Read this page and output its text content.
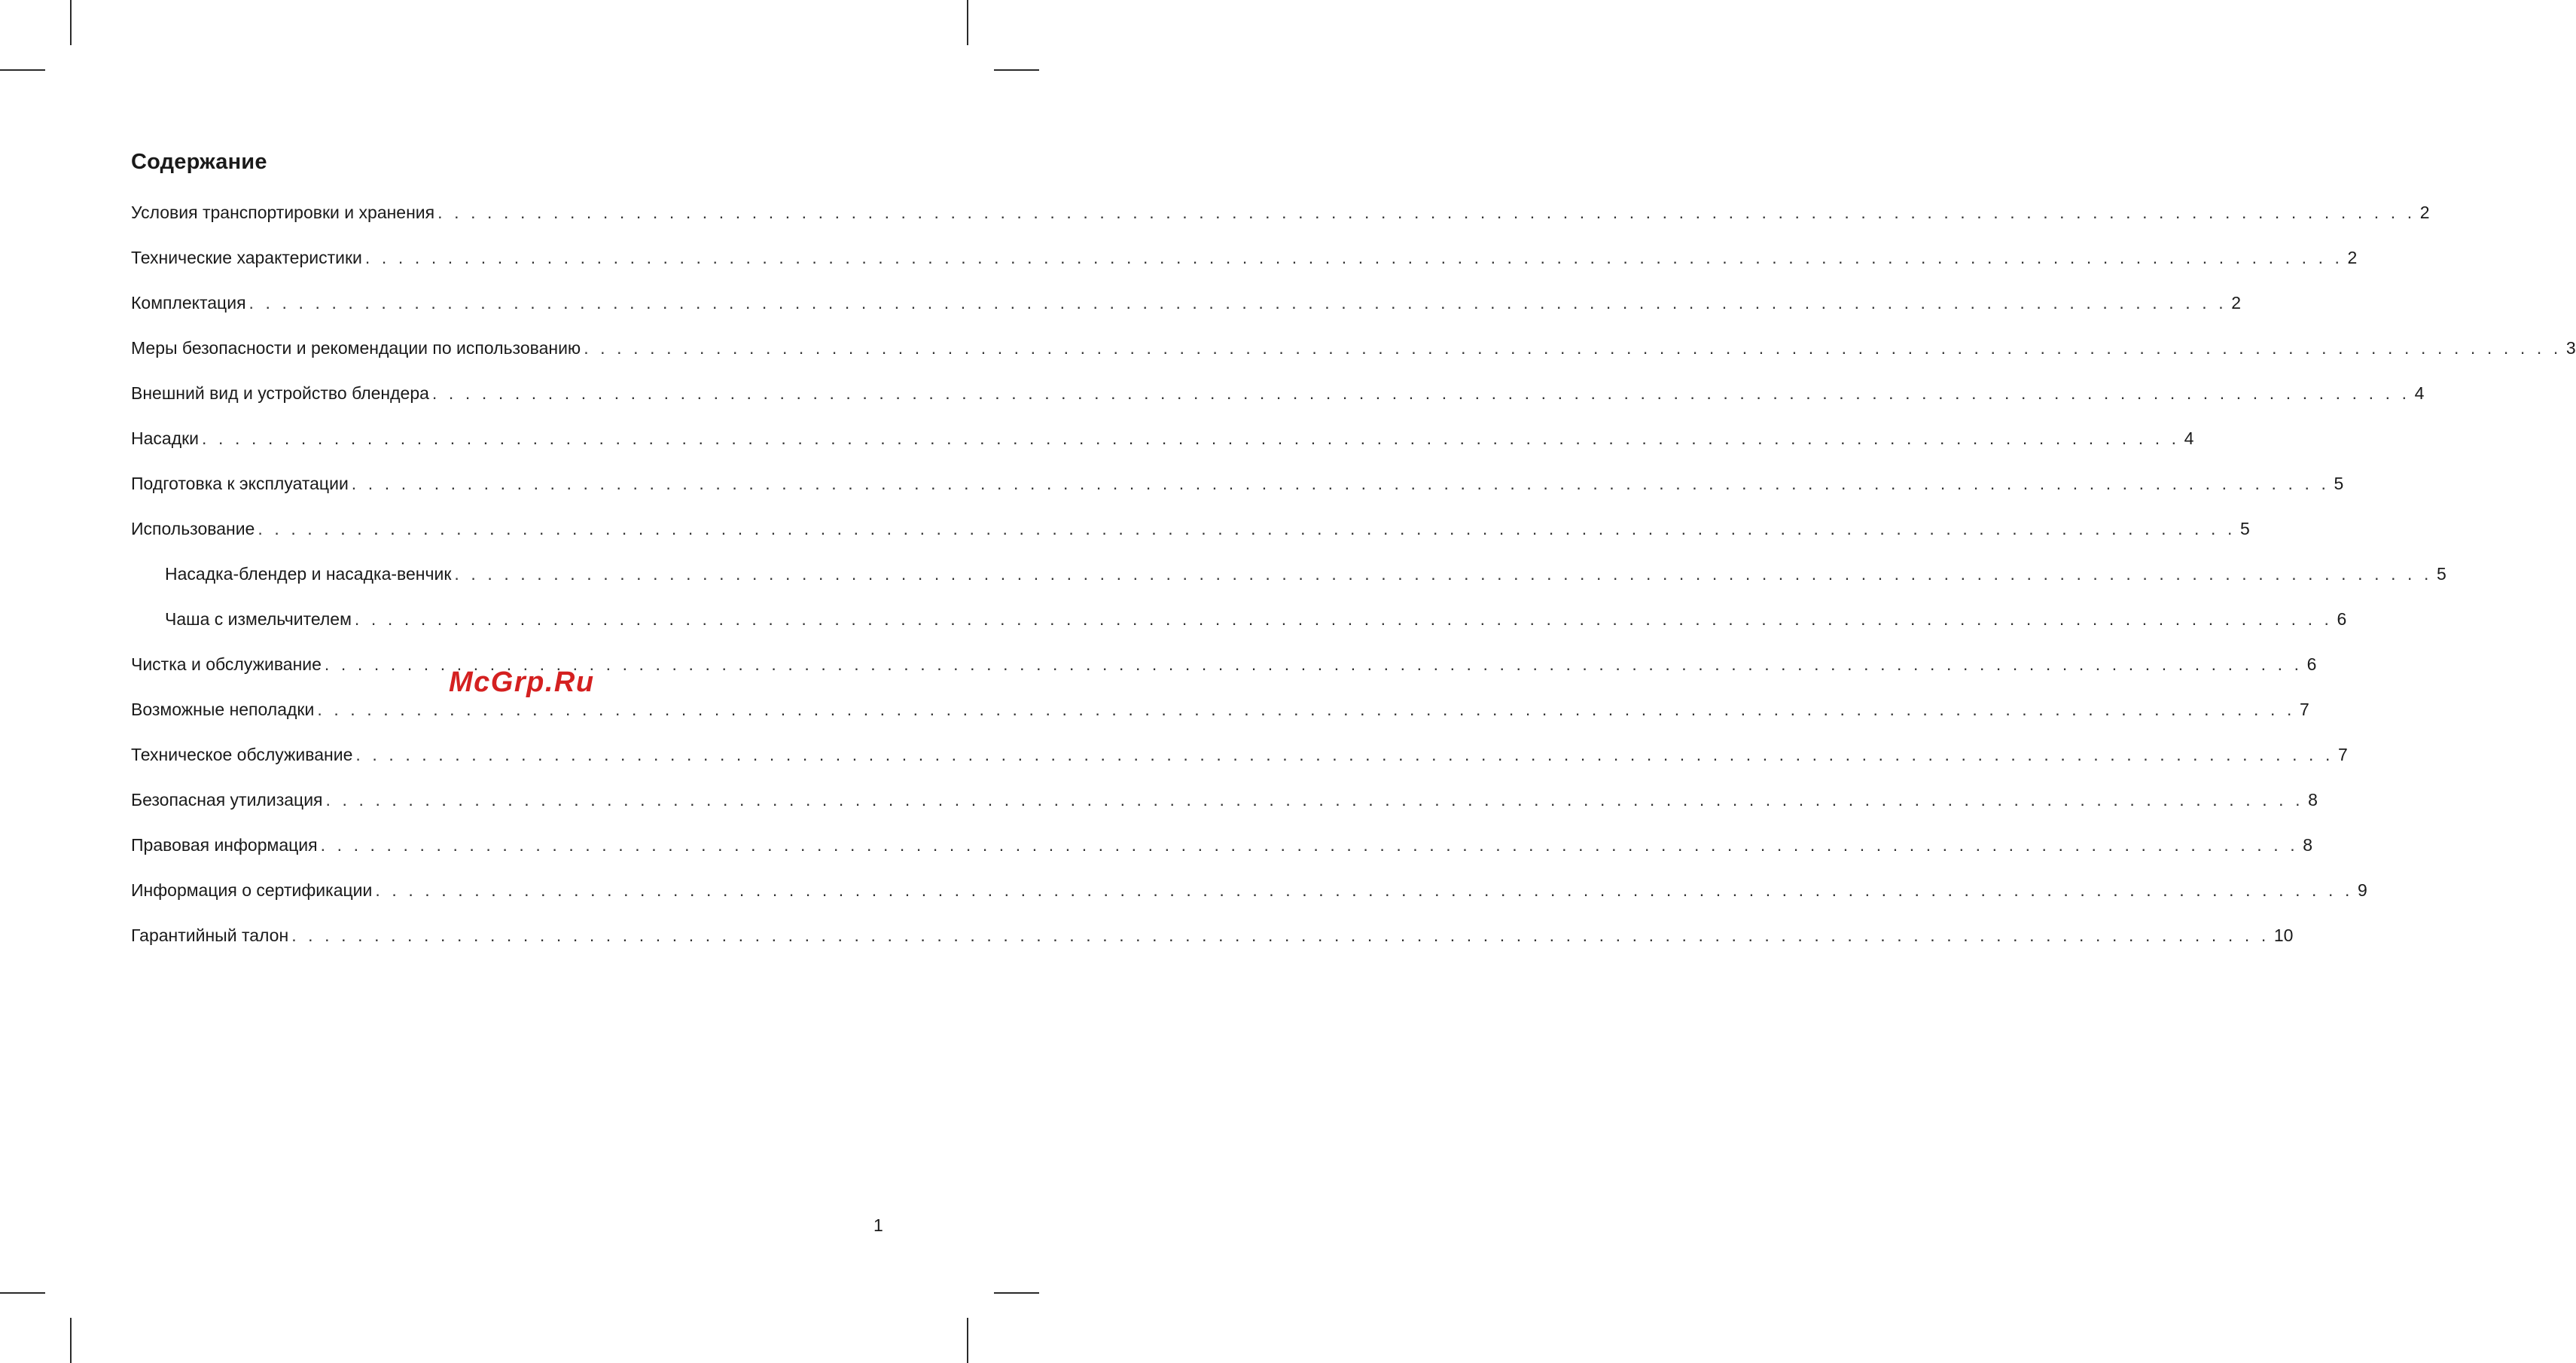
Содержание
Условия транспортировки и хранения . . . . . . . . . . . . . . . . . . . . . . . . . . . . . . . . . . . . . . . . . . . . . . . . . . . . . . . . . . . . . . . . . . . . . . . . . . . . . . . . . . . . . . . . . . . . . . . . . . . . . . . . . . . . . . . . . . . . . . . . 2
Технические характеристики . . . . . . . . . . . . . . . . . . . . . . . . . . . . . . . . . . . . . . . . . . . . . . . . . . . . . . . . . . . . . . . . . . . . . . . . . . . . . . . . . . . . . . . . . . . . . . . . . . . . . . . . . . . . . . . . . . . . . . . . 2
Комплектация . . . . . . . . . . . . . . . . . . . . . . . . . . . . . . . . . . . . . . . . . . . . . . . . . . . . . . . . . . . . . . . . . . . . . . . . . . . . . . . . . . . . . . . . . . . . . . . . . . . . . . . . . . . . . . . . . . . . . . . . 2
Меры безопасности и рекомендации по использованию . . . . . . . . . . . . . . . . . . . . . . . . . . . . . . . . . . . . . . . . . . . . . . . . . . . . . . . . . . . . . . . . . . . . . . . . . . . . . . . . . . . . . . . . . . . . . . . . . . . . . . . . . . . . . . . . . . . . . . . . 3
Внешний вид и устройство блендера . . . . . . . . . . . . . . . . . . . . . . . . . . . . . . . . . . . . . . . . . . . . . . . . . . . . . . . . . . . . . . . . . . . . . . . . . . . . . . . . . . . . . . . . . . . . . . . . . . . . . . . . . . . . . . . . . . . . . . . . 4
Насадки . . . . . . . . . . . . . . . . . . . . . . . . . . . . . . . . . . . . . . . . . . . . . . . . . . . . . . . . . . . . . . . . . . . . . . . . . . . . . . . . . . . . . . . . . . . . . . . . . . . . . . . . . . . . . . . . . . . . . . . . 4
Подготовка к эксплуатации . . . . . . . . . . . . . . . . . . . . . . . . . . . . . . . . . . . . . . . . . . . . . . . . . . . . . . . . . . . . . . . . . . . . . . . . . . . . . . . . . . . . . . . . . . . . . . . . . . . . . . . . . . . . . . . . . . . . . . . . 5
Использование . . . . . . . . . . . . . . . . . . . . . . . . . . . . . . . . . . . . . . . . . . . . . . . . . . . . . . . . . . . . . . . . . . . . . . . . . . . . . . . . . . . . . . . . . . . . . . . . . . . . . . . . . . . . . . . . . . . . . . . . 5
Насадка-блендер и насадка-венчик . . . . . . . . . . . . . . . . . . . . . . . . . . . . . . . . . . . . . . . . . . . . . . . . . . . . . . . . . . . . . . . . . . . . . . . . . . . . . . . . . . . . . . . . . . . . . . . . . . . . . . . . . . . . . . . . . . . . . . . . 5
Чаша с измельчителем . . . . . . . . . . . . . . . . . . . . . . . . . . . . . . . . . . . . . . . . . . . . . . . . . . . . . . . . . . . . . . . . . . . . . . . . . . . . . . . . . . . . . . . . . . . . . . . . . . . . . . . . . . . . . . . . . . . . . . . . 6
Чистка и обслуживание . . . . . . . . . . . . . . . . . . . . . . . . . . . . . . . . . . . . . . . . . . . . . . . . . . . . . . . . . . . . . . . . . . . . . . . . . . . . . . . . . . . . . . . . . . . . . . . . . . . . . . . . . . . . . . . . . . . . . . . . 6
Возможные неполадки . . . . . . . . . . . . . . . . . . . . . . . . . . . . . . . . . . . . . . . . . . . . . . . . . . . . . . . . . . . . . . . . . . . . . . . . . . . . . . . . . . . . . . . . . . . . . . . . . . . . . . . . . . . . . . . . . . . . . . . . 7
Техническое обслуживание . . . . . . . . . . . . . . . . . . . . . . . . . . . . . . . . . . . . . . . . . . . . . . . . . . . . . . . . . . . . . . . . . . . . . . . . . . . . . . . . . . . . . . . . . . . . . . . . . . . . . . . . . . . . . . . . . . . . . . . . 7
Безопасная утилизация . . . . . . . . . . . . . . . . . . . . . . . . . . . . . . . . . . . . . . . . . . . . . . . . . . . . . . . . . . . . . . . . . . . . . . . . . . . . . . . . . . . . . . . . . . . . . . . . . . . . . . . . . . . . . . . . . . . . . . . . 8
Правовая информация . . . . . . . . . . . . . . . . . . . . . . . . . . . . . . . . . . . . . . . . . . . . . . . . . . . . . . . . . . . . . . . . . . . . . . . . . . . . . . . . . . . . . . . . . . . . . . . . . . . . . . . . . . . . . . . . . . . . . . . . 8
Информация о сертификации . . . . . . . . . . . . . . . . . . . . . . . . . . . . . . . . . . . . . . . . . . . . . . . . . . . . . . . . . . . . . . . . . . . . . . . . . . . . . . . . . . . . . . . . . . . . . . . . . . . . . . . . . . . . . . . . . . . . . . . . 9
Гарантийный талон . . . . . . . . . . . . . . . . . . . . . . . . . . . . . . . . . . . . . . . . . . . . . . . . . . . . . . . . . . . . . . . . . . . . . . . . . . . . . . . . . . . . . . . . . . . . . . . . . . . . . . . . . . . . . . . . . . . . . . . . 10
McGrp.Ru
1
